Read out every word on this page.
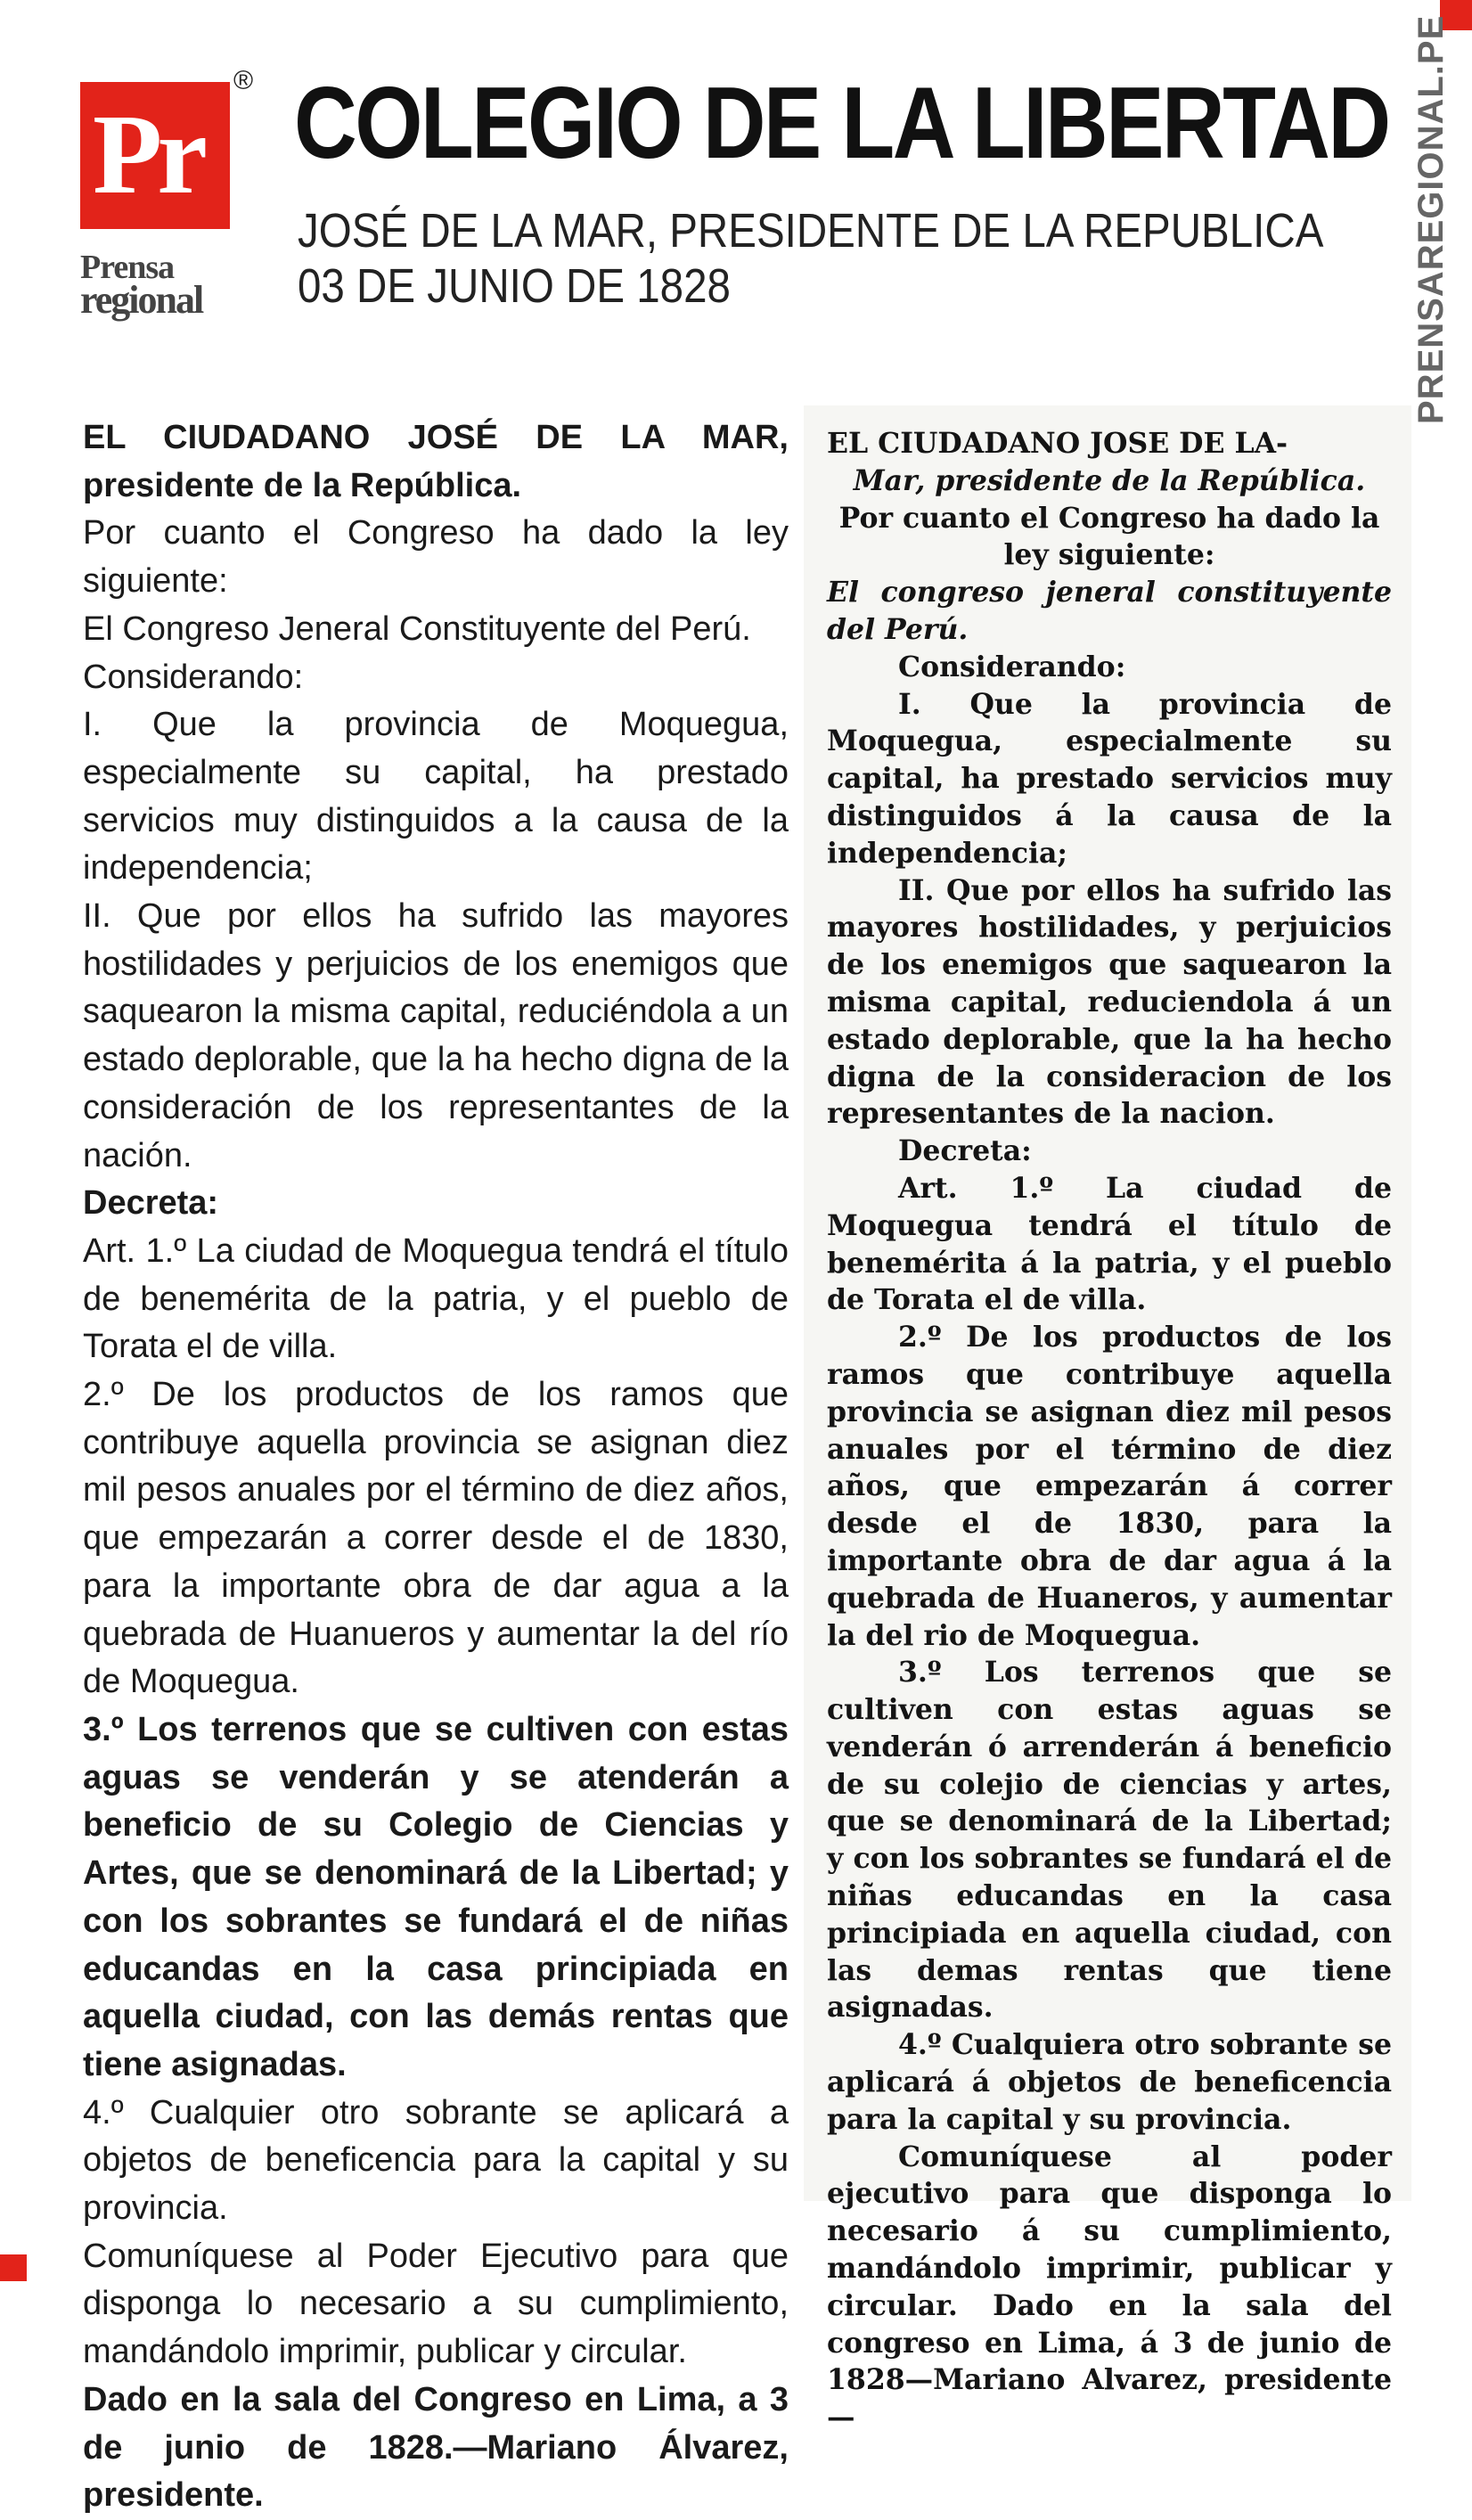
Pr
Prensa
regional
® COLEGIO DE LA LIBERTAD
JOSÉ DE LA MAR, PRESIDENTE DE LA REPUBLICA
03 DE JUNIO DE 1828	PRENSAREGIONAL.PE

EL CIUDADANO JOSÉ DE LA MAR, presidente de la República.

Por cuanto el Congreso ha dado la ley siguiente:

El Congreso Jeneral Constituyente del Perú.

Considerando:

I. Que la provincia de Moquegua, especialmente su capital, ha prestado servicios muy distinguidos a la causa de la independencia;

II. Que por ellos ha sufrido las mayores hostilidades y perjuicios de los enemigos que saquearon la misma capital, reduciéndola a un estado deplorable, que la ha hecho digna de la consideración de los representantes de la nación.

Decreta:

Art. 1.º La ciudad de Moquegua tendrá el título de benemérita de la patria, y el pueblo de Torata el de villa.

2.º De los productos de los ramos que contribuye aquella provincia se asignan diez mil pesos anuales por el término de diez años, que empezarán a correr desde el de 1830, para la importante obra de dar agua a la quebrada de Huanueros y aumentar la del río de Moquegua.

3.º Los terrenos que se cultiven con estas aguas se venderán y se atenderán a beneficio de su Colegio de Ciencias y Artes, que se denominará de la Libertad; y con los sobrantes se fundará el de niñas educandas en la casa principiada en aquella ciudad, con las demás rentas que tiene asignadas.

4.º Cualquier otro sobrante se aplicará a objetos de beneficencia para la capital y su provincia.

Comuníquese al Poder Ejecutivo para que disponga lo necesario a su cumplimiento, mandándolo imprimir, publicar y circular.

Dado en la sala del Congreso en Lima, a 3 de junio de 1828.—Mariano Álvarez, presidente.

EL CIUDADANO JOSE DE LA-

Mar, presidente de la República.

Por cuanto el Congreso ha dado la ley siguiente:

El congreso jeneral constituyente del Perú.

Considerando:

I. Que la provincia de Moquegua, especialmente su capital, ha prestado servicios muy distinguidos á la causa de la independencia;

II. Que por ellos ha sufrido las mayores hostilidades, y perjuicios de los enemigos que saquearon la misma capital, reduciendola á un estado deplorable, que la ha hecho digna de la consideracion de los representantes de la nacion.

Decreta:

Art. 1.º La ciudad de Moquegua tendrá el título de benemérita á la patria, y el pueblo de Torata el de villa.

2.º De los productos de los ramos que contribuye aquella provincia se asignan diez mil pesos anuales por el término de diez años, que empezarán á correr desde el de 1830, para la importante obra de dar agua á la quebrada de Huaneros, y aumentar la del rio de Moquegua.

3.º Los terrenos que se cultiven con estas aguas se venderán ó arrenderán á beneficio de su colejio de ciencias y artes, que se denominará de la Libertad; y con los sobrantes se fundará el de niñas educandas en la casa principiada en aquella ciudad, con las demas rentas que tiene asignadas.

4.º Cualquiera otro sobrante se aplicará á objetos de beneficencia para la capital y su provincia.

Comuníquese al poder ejecutivo para que disponga lo necesario á su cumplimiento, mandándolo imprimir, publicar y circular. Dado en la sala del congreso en Lima, á 3 de junio de 1828—Mariano Alvarez, presidente—
